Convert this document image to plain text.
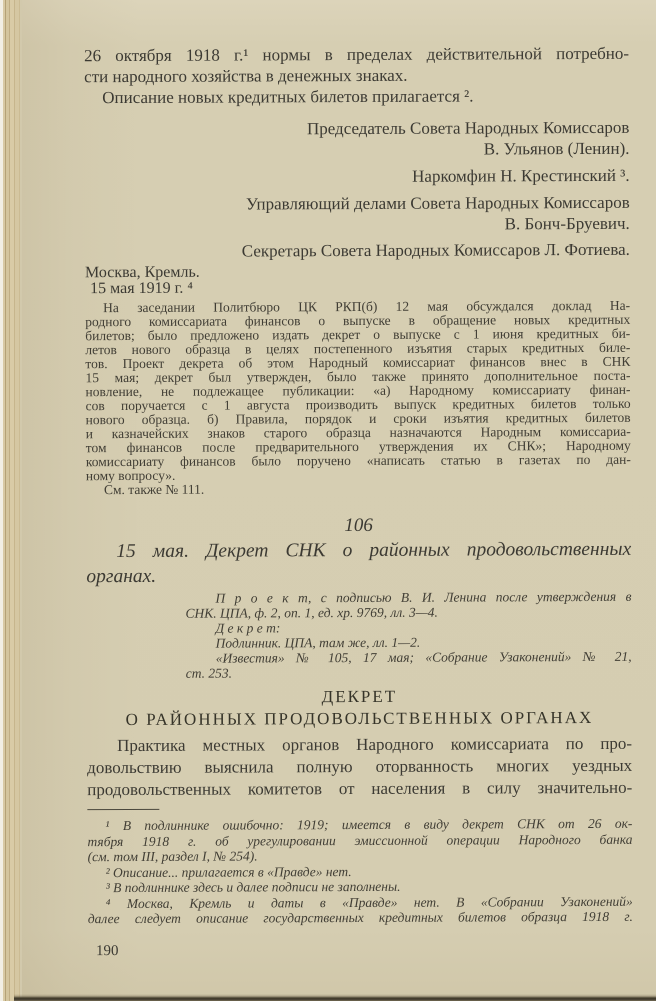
26 октября 1918 г.¹ нормы в пределах действительной потребно-
сти народного хозяйства в денежных знаках.
Описание новых кредитных билетов прилагается ².
Председатель Совета Народных Комиссаров
В. Ульянов (Ленин).
Наркомфин Н. Крестинский ³.
Управляющий делами Совета Народных Комиссаров
В. Бонч-Бруевич.
Секретарь Совета Народных Комиссаров Л. Фотиева.
Москва, Кремль.
15 мая 1919 г. ⁴
На заседании Политбюро ЦК РКП(б) 12 мая обсуждался доклад На-
родного комиссариата финансов о выпуске в обращение новых кредитных
билетов; было предложено издать декрет о выпуске с 1 июня кредитных би-
летов нового образца в целях постепенного изъятия старых кредитных биле-
тов. Проект декрета об этом Народный комиссариат финансов внес в СНК
15 мая; декрет был утвержден, было также принято дополнительное поста-
новление, не подлежащее публикации: «а) Народному комиссариату финан-
сов поручается с 1 августа производить выпуск кредитных билетов только
нового образца. б) Правила, порядок и сроки изъятия кредитных билетов
и казначейских знаков старого образца назначаются Народным комиссариа-
том финансов после предварительного утверждения их СНК»; Народному
комиссариату финансов было поручено «написать статью в газетах по дан-
ному вопросу».
См. также № 111.
106
15 мая. Декрет СНК о районных продовольственных
органах.
П р о е к т, с подписью В. И. Ленина после утверждения в
СНК. ЦПА, ф. 2, оп. 1, ед. хр. 9769, лл. 3—4.
Д е к р е т:
Подлинник. ЦПА, там же, лл. 1—2.
«Известия» № 105, 17 мая; «Собрание Узаконений» № 21,
ст. 253.
ДЕКРЕТ
О РАЙОННЫХ ПРОДОВОЛЬСТВЕННЫХ ОРГАНАХ
Практика местных органов Народного комиссариата по про-
довольствию выяснила полную оторванность многих уездных
продовольственных комитетов от населения в силу значительно-
¹ В подлиннике ошибочно: 1919; имеется в виду декрет СНК от 26 ок-
тября 1918 г. об урегулировании эмиссионной операции Народного банка
(см. том III, раздел I, № 254).
² Описание... прилагается в «Правде» нет.
³ В подлиннике здесь и далее подписи не заполнены.
⁴ Москва, Кремль и даты в «Правде» нет. В «Собрании Узаконений»
далее следует описание государственных кредитных билетов образца 1918 г.
190
